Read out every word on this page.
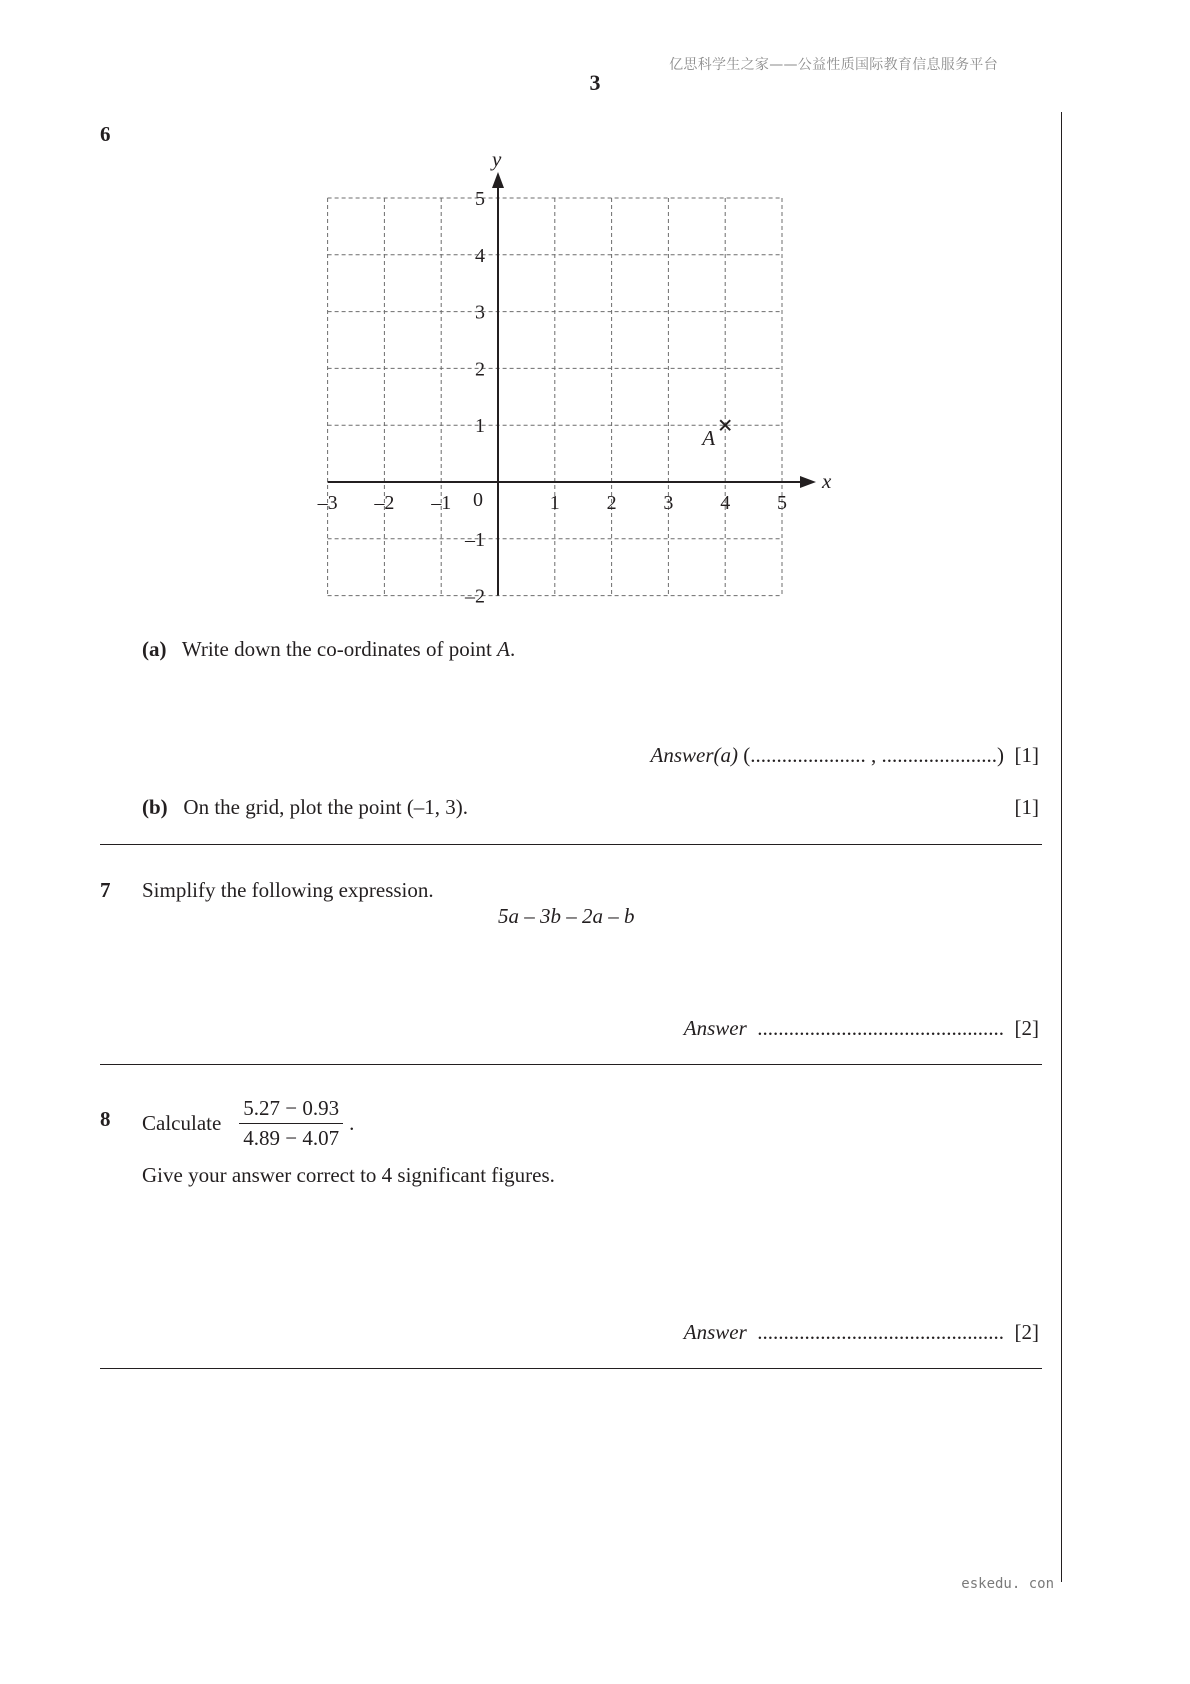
亿思科学生之家——公益性质国际教育信息服务平台
3
6
x
y
–3 –2 –1	1 2 3 4 5
5
4
3
2
1
–1
–2
0
A
(a) Write down the co-ordinates of point A.
Answer(a) (...................... , ......................) [1]
(b) On the grid, plot the point (–1, 3).	[1]
7 Simplify the following expression.
5a – 3b – 2a – b
Answer ............................................... [2]
8 Calculate $\frac{5.27 - 0.93}{4.89 - 4.07}$ .
Give your answer correct to 4 significant figures.
Answer ............................................... [2]
eskedu. con
